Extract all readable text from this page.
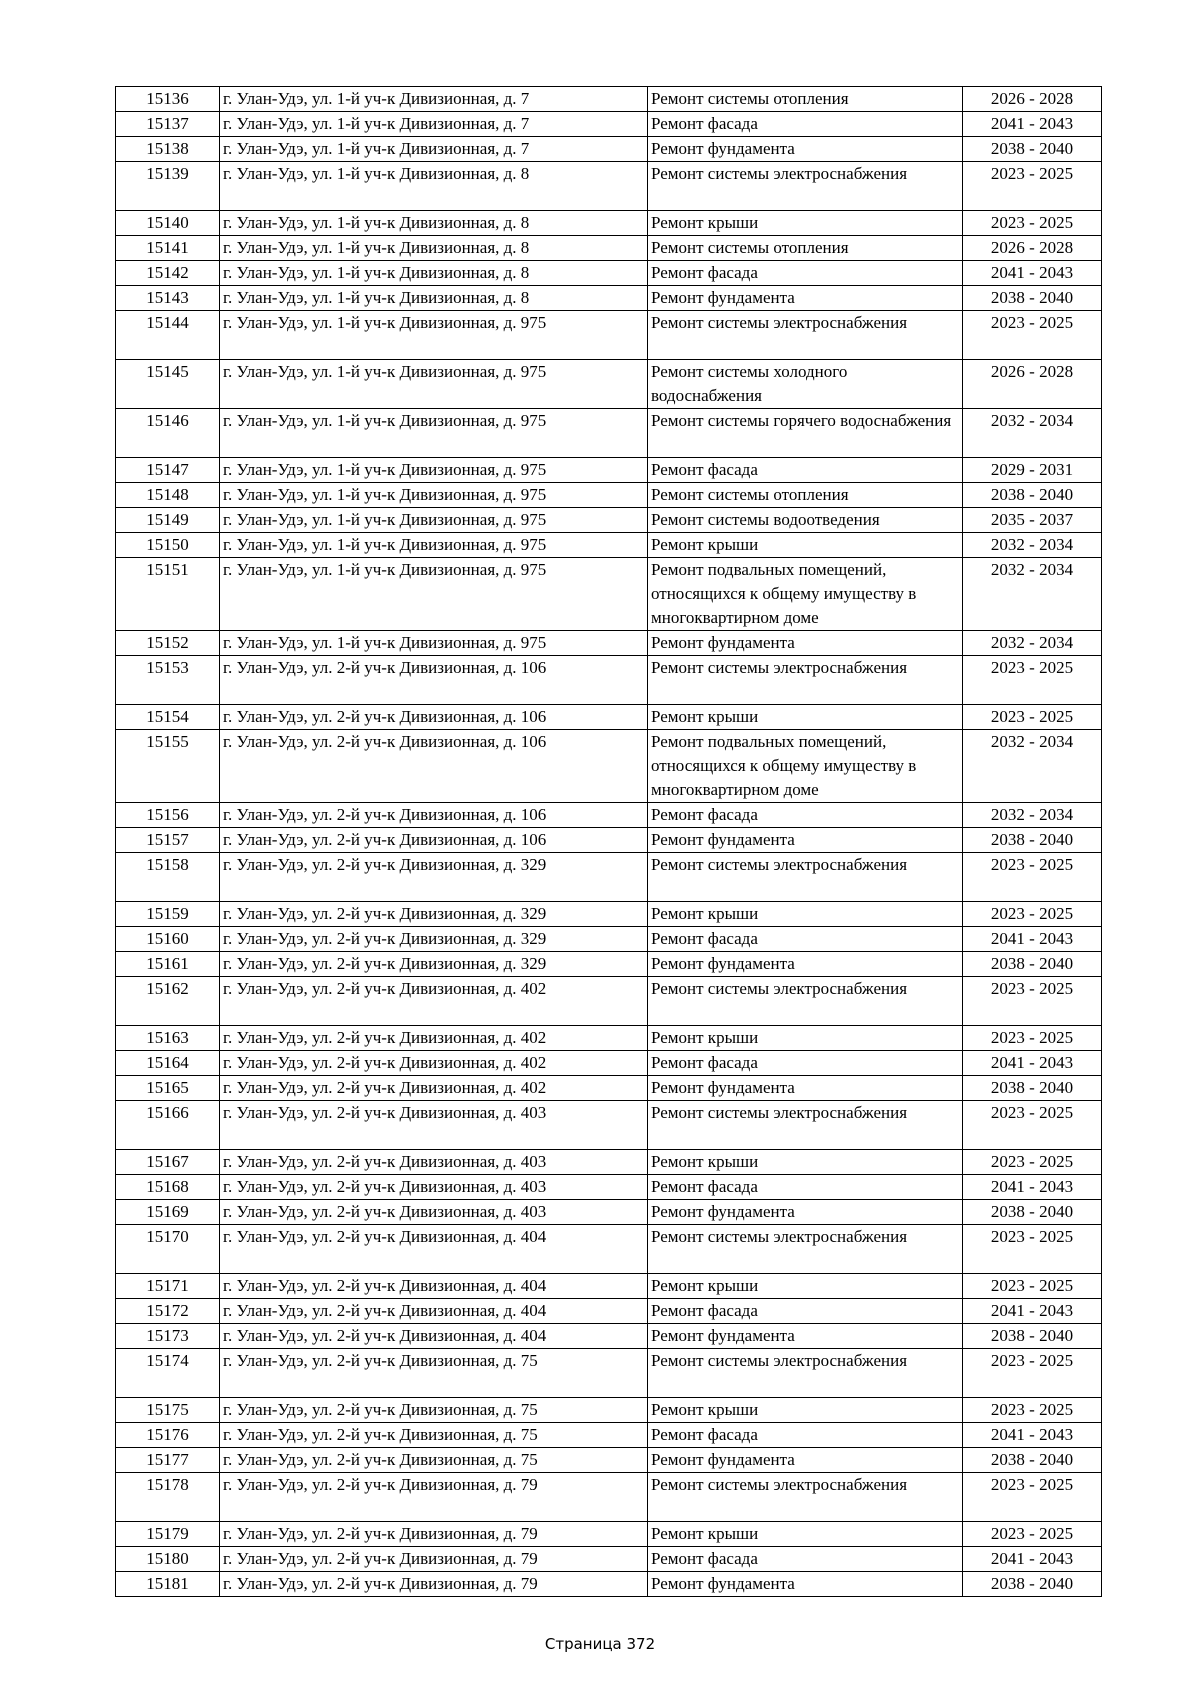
15136	г. Улан-Удэ, ул. 1-й уч-к Дивизионная, д. 7	Ремонт системы отопления	2026 - 2028
15137	г. Улан-Удэ, ул. 1-й уч-к Дивизионная, д. 7	Ремонт фасада	2041 - 2043
15138	г. Улан-Удэ, ул. 1-й уч-к Дивизионная, д. 7	Ремонт фундамента	2038 - 2040
15139	г. Улан-Удэ, ул. 1-й уч-к Дивизионная, д. 8	Ремонт системы электроснабжения	2023 - 2025
15140	г. Улан-Удэ, ул. 1-й уч-к Дивизионная, д. 8	Ремонт крыши	2023 - 2025
15141	г. Улан-Удэ, ул. 1-й уч-к Дивизионная, д. 8	Ремонт системы отопления	2026 - 2028
15142	г. Улан-Удэ, ул. 1-й уч-к Дивизионная, д. 8	Ремонт фасада	2041 - 2043
15143	г. Улан-Удэ, ул. 1-й уч-к Дивизионная, д. 8	Ремонт фундамента	2038 - 2040
15144	г. Улан-Удэ, ул. 1-й уч-к Дивизионная, д. 975	Ремонт системы электроснабжения	2023 - 2025
15145	г. Улан-Удэ, ул. 1-й уч-к Дивизионная, д. 975	Ремонт системы холодного водоснабжения	2026 - 2028
15146	г. Улан-Удэ, ул. 1-й уч-к Дивизионная, д. 975	Ремонт системы горячего водоснабжения	2032 - 2034
15147	г. Улан-Удэ, ул. 1-й уч-к Дивизионная, д. 975	Ремонт фасада	2029 - 2031
15148	г. Улан-Удэ, ул. 1-й уч-к Дивизионная, д. 975	Ремонт системы отопления	2038 - 2040
15149	г. Улан-Удэ, ул. 1-й уч-к Дивизионная, д. 975	Ремонт системы водоотведения	2035 - 2037
15150	г. Улан-Удэ, ул. 1-й уч-к Дивизионная, д. 975	Ремонт крыши	2032 - 2034
15151	г. Улан-Удэ, ул. 1-й уч-к Дивизионная, д. 975	Ремонт подвальных помещений, относящихся к общему имуществу в многоквартирном доме	2032 - 2034
15152	г. Улан-Удэ, ул. 1-й уч-к Дивизионная, д. 975	Ремонт фундамента	2032 - 2034
15153	г. Улан-Удэ, ул. 2-й уч-к Дивизионная, д. 106	Ремонт системы электроснабжения	2023 - 2025
15154	г. Улан-Удэ, ул. 2-й уч-к Дивизионная, д. 106	Ремонт крыши	2023 - 2025
15155	г. Улан-Удэ, ул. 2-й уч-к Дивизионная, д. 106	Ремонт подвальных помещений, относящихся к общему имуществу в многоквартирном доме	2032 - 2034
15156	г. Улан-Удэ, ул. 2-й уч-к Дивизионная, д. 106	Ремонт фасада	2032 - 2034
15157	г. Улан-Удэ, ул. 2-й уч-к Дивизионная, д. 106	Ремонт фундамента	2038 - 2040
15158	г. Улан-Удэ, ул. 2-й уч-к Дивизионная, д. 329	Ремонт системы электроснабжения	2023 - 2025
15159	г. Улан-Удэ, ул. 2-й уч-к Дивизионная, д. 329	Ремонт крыши	2023 - 2025
15160	г. Улан-Удэ, ул. 2-й уч-к Дивизионная, д. 329	Ремонт фасада	2041 - 2043
15161	г. Улан-Удэ, ул. 2-й уч-к Дивизионная, д. 329	Ремонт фундамента	2038 - 2040
15162	г. Улан-Удэ, ул. 2-й уч-к Дивизионная, д. 402	Ремонт системы электроснабжения	2023 - 2025
15163	г. Улан-Удэ, ул. 2-й уч-к Дивизионная, д. 402	Ремонт крыши	2023 - 2025
15164	г. Улан-Удэ, ул. 2-й уч-к Дивизионная, д. 402	Ремонт фасада	2041 - 2043
15165	г. Улан-Удэ, ул. 2-й уч-к Дивизионная, д. 402	Ремонт фундамента	2038 - 2040
15166	г. Улан-Удэ, ул. 2-й уч-к Дивизионная, д. 403	Ремонт системы электроснабжения	2023 - 2025
15167	г. Улан-Удэ, ул. 2-й уч-к Дивизионная, д. 403	Ремонт крыши	2023 - 2025
15168	г. Улан-Удэ, ул. 2-й уч-к Дивизионная, д. 403	Ремонт фасада	2041 - 2043
15169	г. Улан-Удэ, ул. 2-й уч-к Дивизионная, д. 403	Ремонт фундамента	2038 - 2040
15170	г. Улан-Удэ, ул. 2-й уч-к Дивизионная, д. 404	Ремонт системы электроснабжения	2023 - 2025
15171	г. Улан-Удэ, ул. 2-й уч-к Дивизионная, д. 404	Ремонт крыши	2023 - 2025
15172	г. Улан-Удэ, ул. 2-й уч-к Дивизионная, д. 404	Ремонт фасада	2041 - 2043
15173	г. Улан-Удэ, ул. 2-й уч-к Дивизионная, д. 404	Ремонт фундамента	2038 - 2040
15174	г. Улан-Удэ, ул. 2-й уч-к Дивизионная, д. 75	Ремонт системы электроснабжения	2023 - 2025
15175	г. Улан-Удэ, ул. 2-й уч-к Дивизионная, д. 75	Ремонт крыши	2023 - 2025
15176	г. Улан-Удэ, ул. 2-й уч-к Дивизионная, д. 75	Ремонт фасада	2041 - 2043
15177	г. Улан-Удэ, ул. 2-й уч-к Дивизионная, д. 75	Ремонт фундамента	2038 - 2040
15178	г. Улан-Удэ, ул. 2-й уч-к Дивизионная, д. 79	Ремонт системы электроснабжения	2023 - 2025
15179	г. Улан-Удэ, ул. 2-й уч-к Дивизионная, д. 79	Ремонт крыши	2023 - 2025
15180	г. Улан-Удэ, ул. 2-й уч-к Дивизионная, д. 79	Ремонт фасада	2041 - 2043
15181	г. Улан-Удэ, ул. 2-й уч-к Дивизионная, д. 79	Ремонт фундамента	2038 - 2040
Страница 372
